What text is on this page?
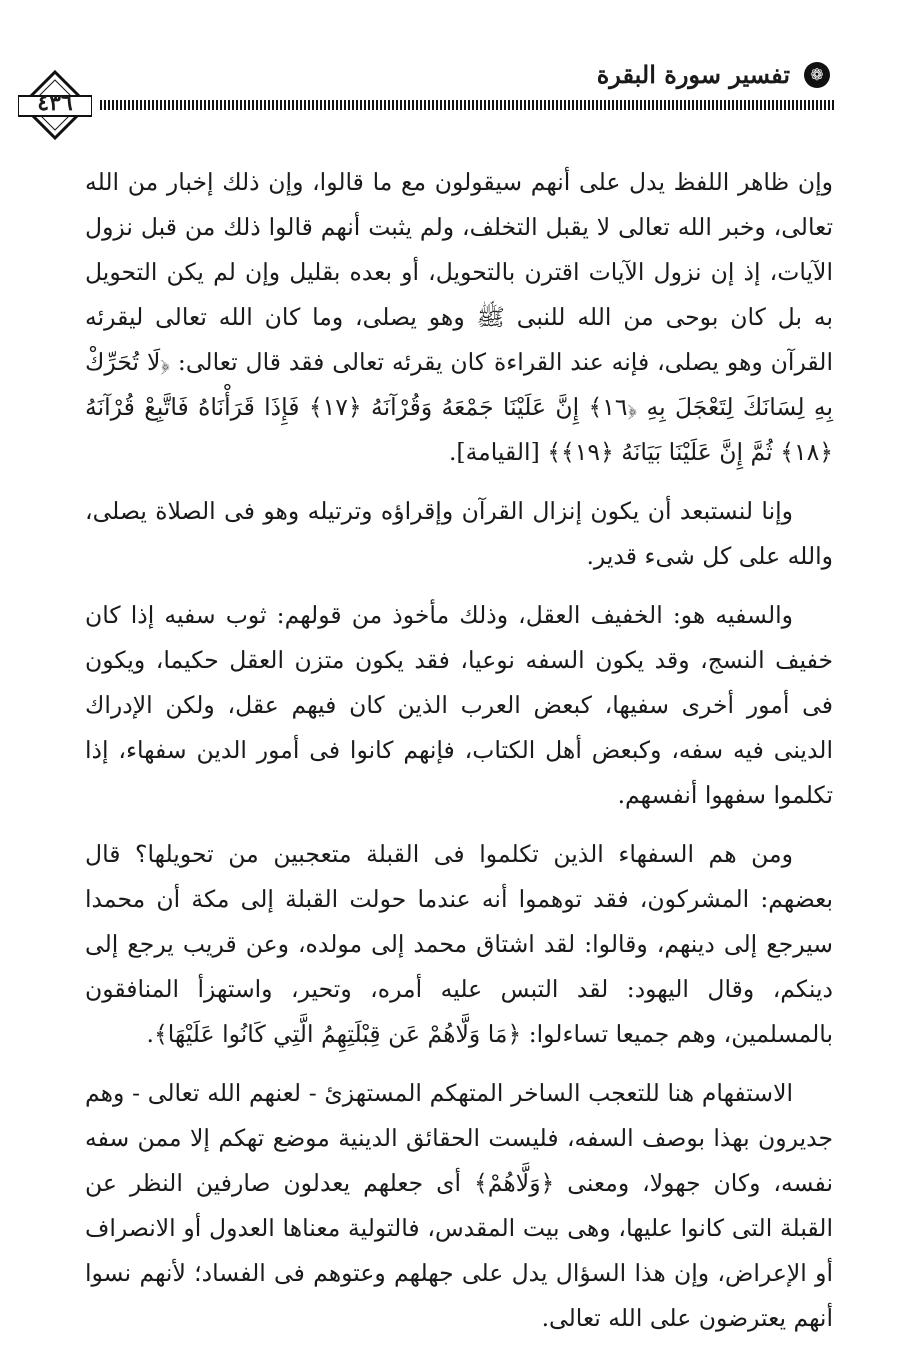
❁
تفسير سورة البقرة
٤٣٦

وإن ظاهر اللفظ يدل على أنهم سيقولون مع ما قالوا، وإن ذلك إخبار من الله تعالى، وخبر الله تعالى لا يقبل التخلف، ولم يثبت أنهم قالوا ذلك من قبل نزول الآيات، إذ إن نزول الآيات اقترن بالتحويل، أو بعده بقليل وإن لم يكن التحويل به بل كان بوحى من الله للنبى ﷺ وهو يصلى، وما كان الله تعالى ليقرئه القرآن وهو يصلى، فإنه عند القراءة كان يقرئه تعالى فقد قال تعالى: ﴿لَا تُحَرِّكْ بِهِ لِسَانَكَ لِتَعْجَلَ بِهِ ﴿١٦﴾ إِنَّ عَلَيْنَا جَمْعَهُ وَقُرْآنَهُ ﴿١٧﴾ فَإِذَا قَرَأْنَاهُ فَاتَّبِعْ قُرْآنَهُ ﴿١٨﴾ ثُمَّ إِنَّ عَلَيْنَا بَيَانَهُ ﴿١٩﴾﴾ [القيامة].

وإنا لنستبعد أن يكون إنزال القرآن وإقراؤه وترتيله وهو فى الصلاة يصلى، والله على كل شىء قدير.

والسفيه هو: الخفيف العقل، وذلك مأخوذ من قولهم: ثوب سفيه إذا كان خفيف النسج، وقد يكون السفه نوعيا، فقد يكون متزن العقل حكيما، ويكون فى أمور أخرى سفيها، كبعض العرب الذين كان فيهم عقل، ولكن الإدراك الدينى فيه سفه، وكبعض أهل الكتاب، فإنهم كانوا فى أمور الدين سفهاء، إذا تكلموا سفهوا أنفسهم.

ومن هم السفهاء الذين تكلموا فى القبلة متعجبين من تحويلها؟ قال بعضهم: المشركون، فقد توهموا أنه عندما حولت القبلة إلى مكة أن محمدا سيرجع إلى دينهم، وقالوا: لقد اشتاق محمد إلى مولده، وعن قريب يرجع إلى دينكم، وقال اليهود: لقد التبس عليه أمره، وتحير، واستهزأ المنافقون بالمسلمين، وهم جميعا تساءلوا: ﴿مَا وَلَّاهُمْ عَن قِبْلَتِهِمُ الَّتِي كَانُوا عَلَيْهَا﴾.

الاستفهام هنا للتعجب الساخر المتهكم المستهزئ - لعنهم الله تعالى - وهم جديرون بهذا بوصف السفه، فليست الحقائق الدينية موضع تهكم إلا ممن سفه نفسه، وكان جهولا، ومعنى ﴿وَلَّاهُمْ﴾ أى جعلهم يعدلون صارفين النظر عن القبلة التى كانوا عليها، وهى بيت المقدس، فالتولية معناها العدول أو الانصراف أو الإعراض، وإن هذا السؤال يدل على جهلهم وعتوهم فى الفساد؛ لأنهم نسوا أنهم يعترضون على الله تعالى.
